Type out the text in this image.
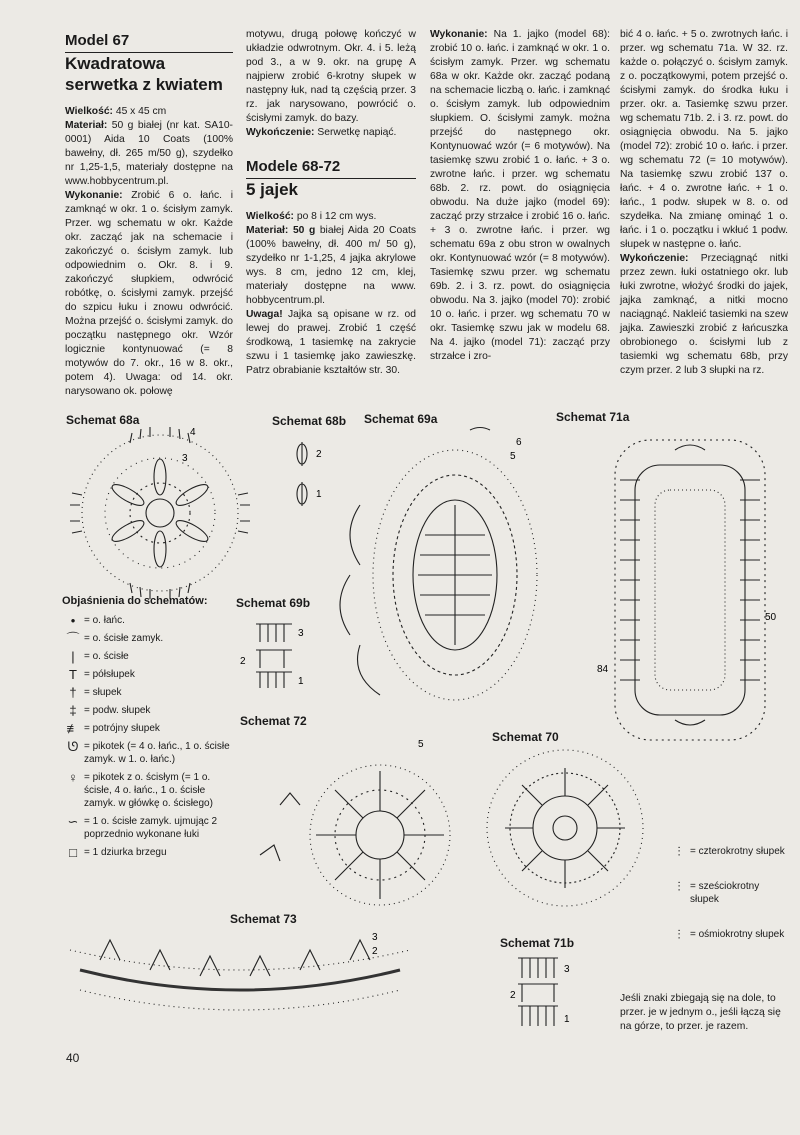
Model 67
Kwadratowa serwetka z kwiatem

Wielkość: 45 x 45 cm

Materiał: 50 g białej (nr kat. SA10-0001) Aida 10 Coats (100% bawełny, dł. 265 m/50 g), szydełko nr 1,25-1,5, materiały dostępne na www.hobbycentrum.pl.

Wykonanie: Zrobić 6 o. łańc. i zamknąć w okr. 1 o. ścisłym zamyk. Przer. wg schematu w okr. Każde okr. zacząć jak na schemacie i zakończyć o. ścisłym zamyk. lub odpowiednim o. Okr. 8. i 9. zakończyć słupkiem, odwrócić robótkę, o. ścisłymi zamyk. przejść do szpicu łuku i znowu odwrócić. Można przejść o. ścisłymi zamyk. do początku następnego okr. Wzór logicznie kontynuować (= 8 motywów do 7. okr., 16 w 8. okr., potem 4). Uwaga: od 14. okr. narysowano ok. połowę

motywu, drugą połowę kończyć w układzie odwrotnym. Okr. 4. i 5. leżą pod 3., a w 9. okr. na grupę A najpierw zrobić 6-krotny słupek w następny łuk, nad tą częścią przer. 3 rz. jak narysowano, powrócić o. ścisłymi zamyk. do bazy.

Wykończenie: Serwetkę napiąć.

Modele 68-72
5 jajek

Wielkość: po 8 i 12 cm wys.

Materiał: 50 g białej Aida 20 Coats (100% bawełny, dł. 400 m/ 50 g), szydełko nr 1-1,25, 4 jajka akrylowe wys. 8 cm, jedno 12 cm, klej, materiały dostępne na www. hobbycentrum.pl.

Uwaga! Jajka są opisane w rz. od lewej do prawej. Zrobić 1 część środkową, 1 tasiemkę na zakrycie szwu i 1 tasiemkę jako zawieszkę. Patrz obrabianie kształtów str. 30.

Wykonanie: Na 1. jajko (model 68): zrobić 10 o. łańc. i zamknąć w okr. 1 o. ścisłym zamyk. Przer. wg schematu 68a w okr. Każde okr. zacząć podaną na schemacie liczbą o. łańc. i zamknąć o. ścisłym zamyk. lub odpowiednim słupkiem. O. ścisłymi zamyk. można przejść do następnego okr. Kontynuować wzór (= 6 motywów). Na tasiemkę szwu zrobić 1 o. łańc. + 3 o. zwrotne łańc. i przer. wg schematu 68b. 2. rz. powt. do osiągnięcia obwodu. Na duże jajko (model 69): zacząć przy strzałce i zrobić 16 o. łańc. + 3 o. zwrotne łańc. i przer. wg schematu 69a z obu stron w owalnych okr. Kontynuować wzór (= 8 motywów). Tasiemkę szwu przer. wg schematu 69b. 2. i 3. rz. powt. do osiągnięcia obwodu. Na 3. jajko (model 70): zrobić 10 o. łańc. i przer. wg schematu 70 w okr. Tasiemkę szwu jak w modelu 68. Na 4. jajko (model 71): zacząć przy strzałce i zro-

bić 4 o. łańc. + 5 o. zwrotnych łańc. i przer. wg schematu 71a. W 32. rz. każde o. połączyć o. ścisłym zamyk. z o. początkowymi, potem przejść o. ścisłymi zamyk. do środka łuku i przer. okr. a. Tasiemkę szwu przer. wg schematu 71b. 2. i 3. rz. powt. do osiągnięcia obwodu. Na 5. jajko (model 72): zrobić 10 o. łańc. i przer. wg schematu 72 (= 10 motywów). Na tasiemkę szwu zrobić 137 o. łańc. + 4 o. zwrotne łańc. + 1 o. łańc., 1 podw. słupek w 8. o. od szydełka. Na zmianę ominąć 1 o. łańc. i 1 o. początku i wkłuć 1 podw. słupek w następne o. łańc.

Wykończenie: Przeciągnąć nitki przez zewn. łuki ostatniego okr. lub łuki zwrotne, włożyć środki do jajek, jajka zamknąć, a nitki mocno naciągnąć. Nakleić tasiemki na szew jajka. Zawieszki zrobić z łańcuszka obrobionego o. ścisłymi lub z tasiemki wg schematu 68b, przy czym przer. 2 lub 3 słupki na rz.

Schemat 68a	Schemat 68b Schemat 69a	Schemat 71a
Schemat 69b
Schemat 72
Schemat 70
Schemat 73
Schemat 71b
3
4
2
1
6
5
50
84
3
2
1
5
Objaśnienia do schematów:
• = o. łańc.
⌒ = o. ścisłe zamyk.
| = o. ścisłe
T = półsłupek
† = słupek
‡ = podw. słupek
≢ = potrójny słupek
ᘎ = pikotek (= 4 o. łańc., 1 o. ścisłe zamyk. w 1. o. łańc.)
♀ = pikotek z o. ścisłym (= 1 o. ścisłe, 4 o. łańc., 1 o. ścisłe zamyk. w główkę o. ścisłego)
∽ = 1 o. ścisłe zamyk. ujmując 2 poprzednio wykonane łuki
□ = 1 dziurka brzegu	⫶ = czterokrotny słupek
⫶ = sześciokrotny słupek
⫶ = ośmiokrotny słupek
3
2
3
2
1
Jeśli znaki zbiegają się na dole, to przer. je w jednym o., jeśli łączą się na górze, to przer. je razem.
40
